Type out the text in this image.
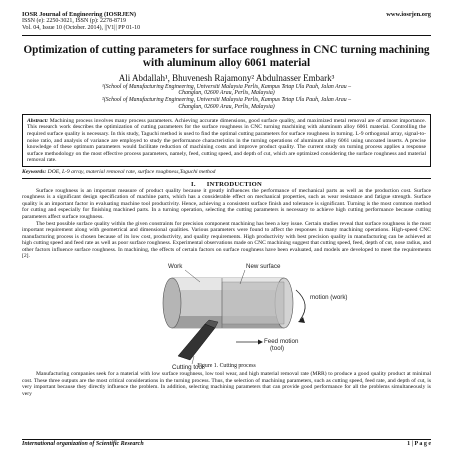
IOSR Journal of Engineering (IOSRJEN)
ISSN (e): 2250-3021, ISSN (p): 2278-8719
Vol. 04, Issue 10 (October. 2014), ||V1|| PP 01-10
www.iosrjen.org
Optimization of cutting parameters for surface roughness in CNC turning machining with aluminum alloy 6061 material
Ali Abdallah¹, Bhuvenesh Rajamony² Abdulnasser Embark³
¹(School of Manufacturing Engineering, Universiti Malaysia Perlis, Kampus Tetap Ulu Pauh, Jalan Arau –
Changlun, 02600 Arau, Perlis, Malaysia)
²(School of Manufacturing Engineering, Universiti Malaysia Perlis, Kampus Tetap Ulu Pauh, Jalan Arau –
Changlun, 02600 Arau, Perlis, Malaysia)
Abstract: Machining process involves many process parameters. Achieving accurate dimensions, good surface quality, and maximized metal removal are of utmost importance. This research work describes the optimization of cutting parameters for the surface roughness in CNC turning machining with aluminum alloy 6061 material. Controlling the required surface quality is necessary. In this study, Taguchi method is used to find the optimal cutting parameters for surface roughness in turning. L-9 orthogonal array, signal-to-noise ratio, and analysis of variance are employed to study the performance characteristics in the turning operations of aluminum alloy 6061 using uncoated inserts. A precise knowledge of these optimum parameters would facilitate reduction of machining costs and improve product quality. The current study on turning process applies a response surface methodology on the most effective process parameters, namely, feed, cutting speed, and depth of cut, which are optimized considering the surface roughness and material removal rate.
Keywords: DOE, L-9 array, material removal rate, surface roughness,Taguchi method
I. INTRODUCTION

Surface roughness is an important measure of product quality because it greatly influences the performance of mechanical parts as well as the production cost. Surface roughness is a significant design specification of machine parts, which has a considerable effect on mechanical properties, such as wear resistance and fatigue strength. Surface quality is an important factor in evaluating machine tool productivity. Hence, achieving a consistent surface finish and tolerance is significant. Turning is the most common method for cutting and especially for finishing machined parts. In a turning operation, selecting the cutting parameters is necessary to achieve high cutting performance because cutting parameters affect surface roughness.

The best possible surface quality within the given constraints for precision component machining has been a key issue. Certain studies reveal that surface roughness is the most important requirement along with geometrical and dimensional qualities. Various parameters were found to affect the responses in many machining operations. High-speed CNC manufacturing process is chosen because of its low cost, productivity, and quality requirements. High productivity with best precision quality in manufacturing can be achieved at high cutting speed and feed rate as well as poor surface roughness. Experimental observations made on CNC machining suggest that cutting speed, feed, depth of cut, nose radius, and other factors influence surface roughness. In machining, the effects of certain factors on surface roughness have been evaluated, and models are developed to meet the requirements [2].

Work	New surface
motion (work)
Feed motion
(tool)
Cutting tool
Figure 1. Cutting process

Manufacturing companies seek for a material with low surface roughness, low tool wear, and high material removal rate (MRR) to produce a good quality product at minimal cost. These three outputs are the most critical considerations in the turning process. Thus, the selection of machining parameters, such as cutting speed, feed rate, and depth of cut, is very important because they directly influence the problem. In addition, selecting machining parameters that can provide good performance for all the problems simultaneously is very

International organization of Scientific Research	1 | P a g e
